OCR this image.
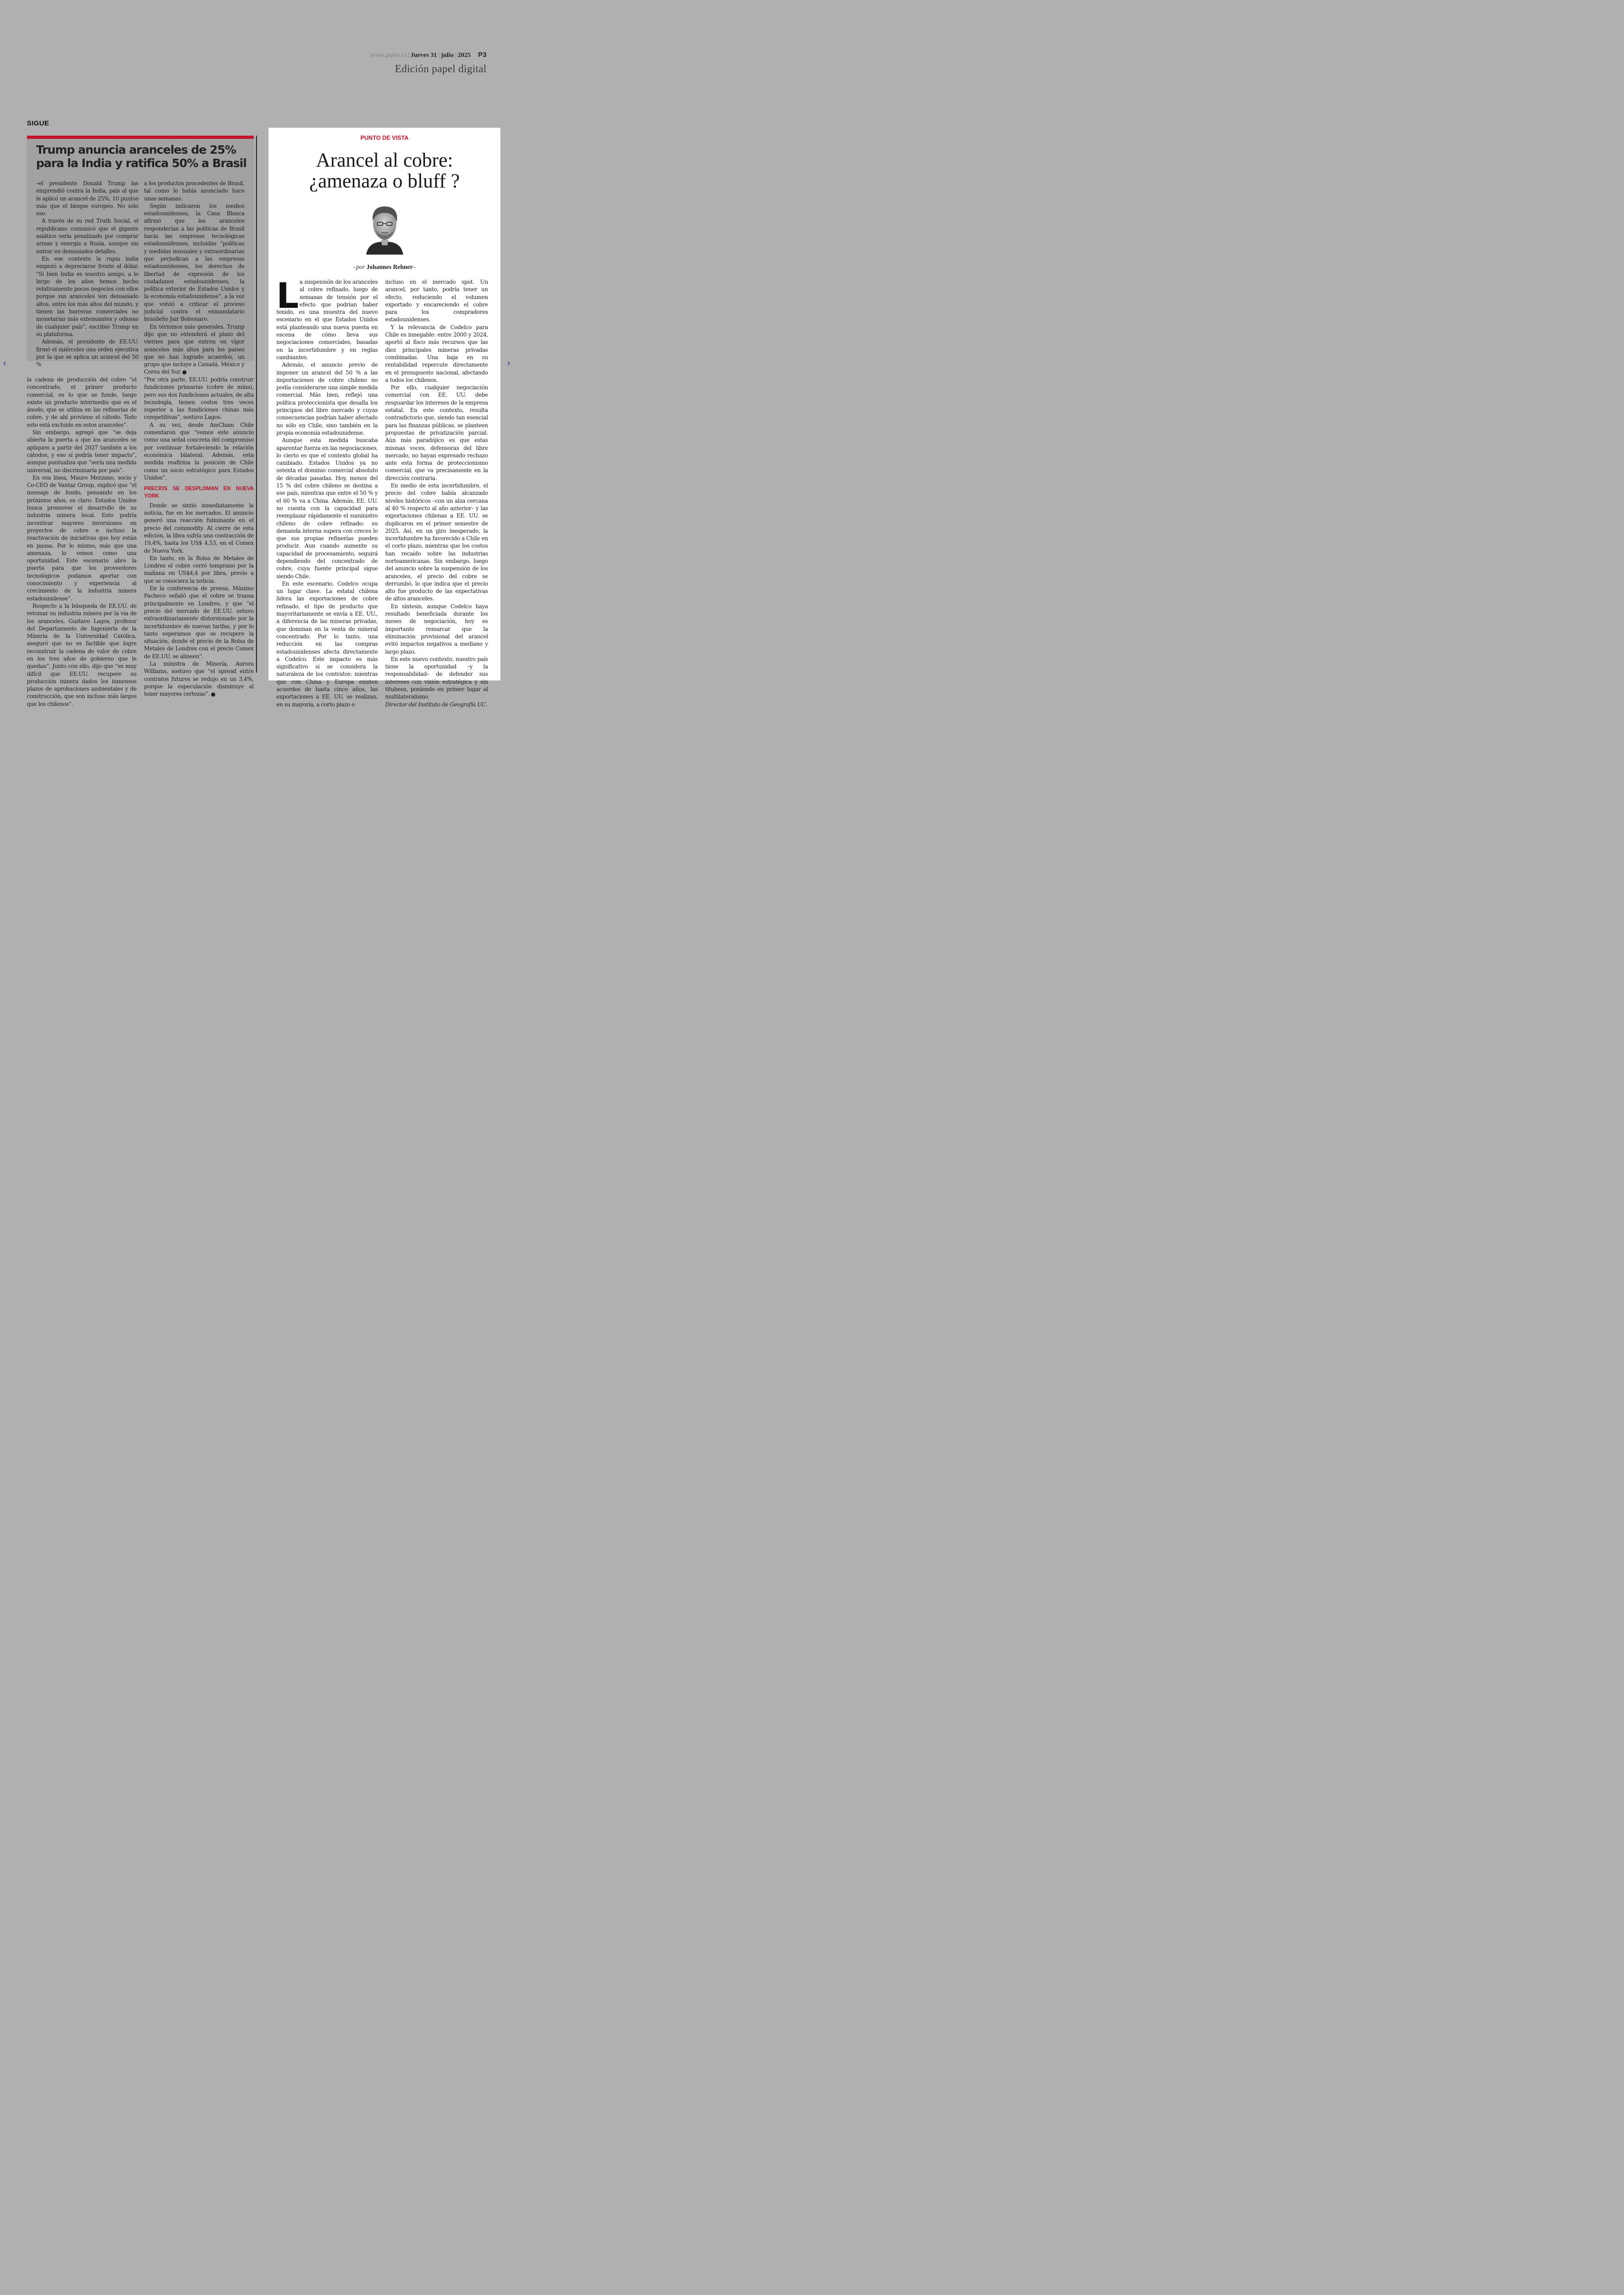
www.pulso.cl | Jueves 31 | julio | 2025 P3
Edición papel digital
‹	›
SIGUE
Trump anuncia aranceles de 25% para la India y ratifica 50% a Brasil

–el presidente Donald Trump las emprendió contra la India, país al que le aplicó un arancel de 25%, 10 puntos más que el bloque europeo. No sólo eso.

A través de su red Truth Social, el republicano comunicó que el gigante asiático sería penalizado por comprar armas y energía a Rusia, aunque sin entrar en demasiados detalles.

En ese contexto la rupia india empezó a depreciarse frente al dólar. “Si bien India es nuestro amigo, a lo largo de los años hemos hecho relativamente pocos negocios con ellos porque sus aranceles son demasiado altos, entre los más altos del mundo, y tienen las barreras comerciales no monetarias más extenuantes y odiosas de cualquier país”, escribió Trump en su plataforma.

Además, el presidente de EE.UU. firmó el miércoles una orden ejecutiva por la que se aplica un arancel del 50 %

a los productos procedentes de Brasil, tal como lo había anunciado hace unas semanas.

Según indicaron los medios estadounidenses, la Casa Blanca afirmó que los aranceles responderían a las políticas de Brasil hacia las empresas tecnológicas estadounidenses, incluidas “políticas y medidas inusuales y extraordinarias que perjudican a las empresas estadounidenses, los derechos de libertad de expresión de los ciudadanos estadounidenses, la política exterior de Estados Unidos y la economía estadounidense”, a la vez que volvió a criticar el proceso judicial contra el exmandatario brasileño Jair Bolsonaro.

En términos más generales, Trump dijo que no extenderá el plazo del viernes para que entren en vigor aranceles más altos para los países que no han logrado acuerdos, un grupo que incluye a Canadá, México y Corea del Sur.

la cadena de producción del cobre “el concentrado, el primer producto comercial, es lo que se funde, luego existe un producto intermedio que es el ánodo, que se utiliza en las refinerías de cobre, y de ahí proviene el cátodo. Todo esto está excluido en estos aranceles”.

Sin embargo, agregó que “se deja abierta la puerta a que los aranceles se apliquen a partir del 2027 también a los cátodos, y eso sí podría tener impacto”, aunque puntualiza que “sería una medida universal, no discriminaría por país”.

En esa línea, Mauro Mezzano, socio y Co-CEO de Vantaz Group, explicó que “el mensaje de fondo, pensando en los próximos años, es claro: Estados Unidos busca promover el desarrollo de su industria minera local. Esto podría incentivar mayores inversiones en proyectos de cobre e incluso la reactivación de iniciativas que hoy están en pausa. Por lo mismo, más que una amenaza, lo vemos como una oportunidad. Este escenario abre la puerta para que los proveedores tecnológicos podamos aportar con conocimiento y experiencia al crecimiento de la industria minera estadounidense”.

Respecto a la búsqueda de EE.UU. de retomar su industria minera por la vía de los aranceles, Gustavo Lagos, profesor del Departamento de Ingeniería de la Minería de la Universidad Católica, aseguró que no es factible que logre reconstruir la cadena de valor de cobre en los tres años de gobierno que le quedan”. Junto con ello, dijo que “es muy difícil que EE.UU. recupere su producción minera dados los inmensos plazos de aprobaciones ambientales y de construcción, que son incluso más largos que los chilenos”.

“Por otra parte, EE.UU. podría construir fundiciones primarias (cobre de mina), pero sus dos fundiciones actuales, de alta tecnología, tienen costos tres veces superior a las fundiciones chinas más competitivas”, sostuvo Lagos.

A su vez, desde AmCham Chile comentaron que “vemos este anuncio como una señal concreta del compromiso por continuar fortaleciendo la relación económica bilateral. Además, esta medida reafirma la posición de Chile como un socio estratégico para Estados Unidos”.

PRECIOS SE DESPLOMAN EN NUEVA YORK

Donde se sintió inmediatamente la noticia, fue en los mercados. El anuncio generó una reacción fulminante en el precio del commodity. Al cierre de esta edición, la libra sufría una contracción de 19,4%, hasta los US$ 4,53, en el Comex de Nueva York.

En tanto, en la Bolsa de Metales de Londres el cobre cerró temprano por la mañana en US$4,4 por libra, previo a que se conociera la noticia.

En la conferencia de prensa, Máximo Pacheco señaló que el cobre se transa principalmente en Londres, y que “el precio del mercado de EE.UU. estuvo extraordinariamente distorsionado por la incertidumbre de nuevas tarifas, y por lo tanto esperamos que se recupere la situación, donde el precio de la Bolsa de Metales de Londres con el precio Comex de EE.UU. se alineen”.

La ministra de Minería, Aurora Williams, sostuvo que “el spread entre contratos futuros se redujo en un 3,4%, porque la especulación disminuye al tener mayores certezas”.

PUNTO DE VISTA
Arancel al cobre:
¿amenaza o bluff ?
–por Johannes Rehner–
L a suspensión de los aranceles al cobre refinado, luego de semanas de tensión por el efecto que podrían haber tenido, es una muestra del nuevo escenario en el que Estados Unidos está planteando una nueva puesta en escena de cómo lleva sus negociaciones comerciales, basadas en la incertidumbre y en reglas cambiantes.

Además, el anuncio previo de imponer un arancel del 50 % a las importaciones de cobre chileno no podía considerarse una simple medida comercial. Más bien, reflejó una política proteccionista que desafía los principios del libre mercado y cuyas consecuencias podrían haber afectado no sólo en Chile, sino también en la propia economía estadounidense.

Aunque esta medida buscaba aparentar fuerza en las negociaciones, lo cierto es que el contexto global ha cambiado. Estados Unidos ya no ostenta el dominio comercial absoluto de décadas pasadas. Hoy, menos del 15 % del cobre chileno se destina a ese país, mientras que entre el 50 % y el 60 % va a China. Además, EE. UU. no cuenta con la capacidad para reemplazar rápidamente el suministro chileno de cobre refinado: su demanda interna supera con creces lo que sus propias refinerías pueden producir. Aun cuando aumente su capacidad de procesamiento, seguirá dependiendo del concentrado de cobre, cuya fuente principal sigue siendo Chile.

En este escenario, Codelco ocupa un lugar clave. La estatal chilena lidera las exportaciones de cobre refinado, el tipo de producto que mayoritariamente se envía a EE. UU., a diferencia de las mineras privadas, que dominan en la venta de mineral concentrado. Por lo tanto, una reducción en las compras estadounidenses afecta directamente a Codelco. Este impacto es más significativo si se considera la naturaleza de los contratos: mientras que con China y Europa existen acuerdos de hasta cinco años, las exportaciones a EE. UU. se realizan, en su mayoría, a corto plazo o

incluso en el mercado spot. Un arancel, por tanto, podría tener un efecto, reduciendo el volumen exportado y encareciendo el cobre para los compradores estadounidenses.

Y la relevancia de Codelco para Chile es innegable: entre 2000 y 2024, aportó al fisco más recursos que las diez principales mineras privadas combinadas. Una baja en su rentabilidad repercute directamente en el presupuesto nacional, afectando a todos los chilenos.

Por ello, cualquier negociación comercial con EE. UU. debe resguardar los intereses de la empresa estatal. En este contexto, resulta contradictorio que, siendo tan esencial para las finanzas públicas, se planteen propuestas de privatización parcial. Aún más paradójico es que estas mismas voces, defensoras del libre mercado, no hayan expresado rechazo ante esta forma de proteccionismo comercial, que va precisamente en la dirección contraria.

En medio de esta incertidumbre, el precio del cobre había alcanzado niveles históricos –con un alza cercana al 40 % respecto al año anterior– y las exportaciones chilenas a EE. UU. se duplicaron en el primer semestre de 2025. Así, en un giro inesperado, la incertidumbre ha favorecido a Chile en el corto plazo, mientras que los costos han recaído sobre las industrias norteamericanas. Sin embargo, luego del anuncio sobre la suspensión de los aranceles, el precio del cobre se derrumbó, lo que indica que el precio alto fue producto de las expectativas de altos aranceles.

En síntesis, aunque Codelco haya resultado beneficiada durante los meses de negociación, hoy es importante remarcar que la eliminación provisional del arancel evitó impactos negativos a mediano y largo plazo.

En este nuevo contexto, nuestro país tiene la oportunidad –y la responsabilidad– de defender sus intereses con visión estratégica y sin titubeos, poniendo en primer lugar al multilateralismo.

Director del Instituto de Geografía UC.
